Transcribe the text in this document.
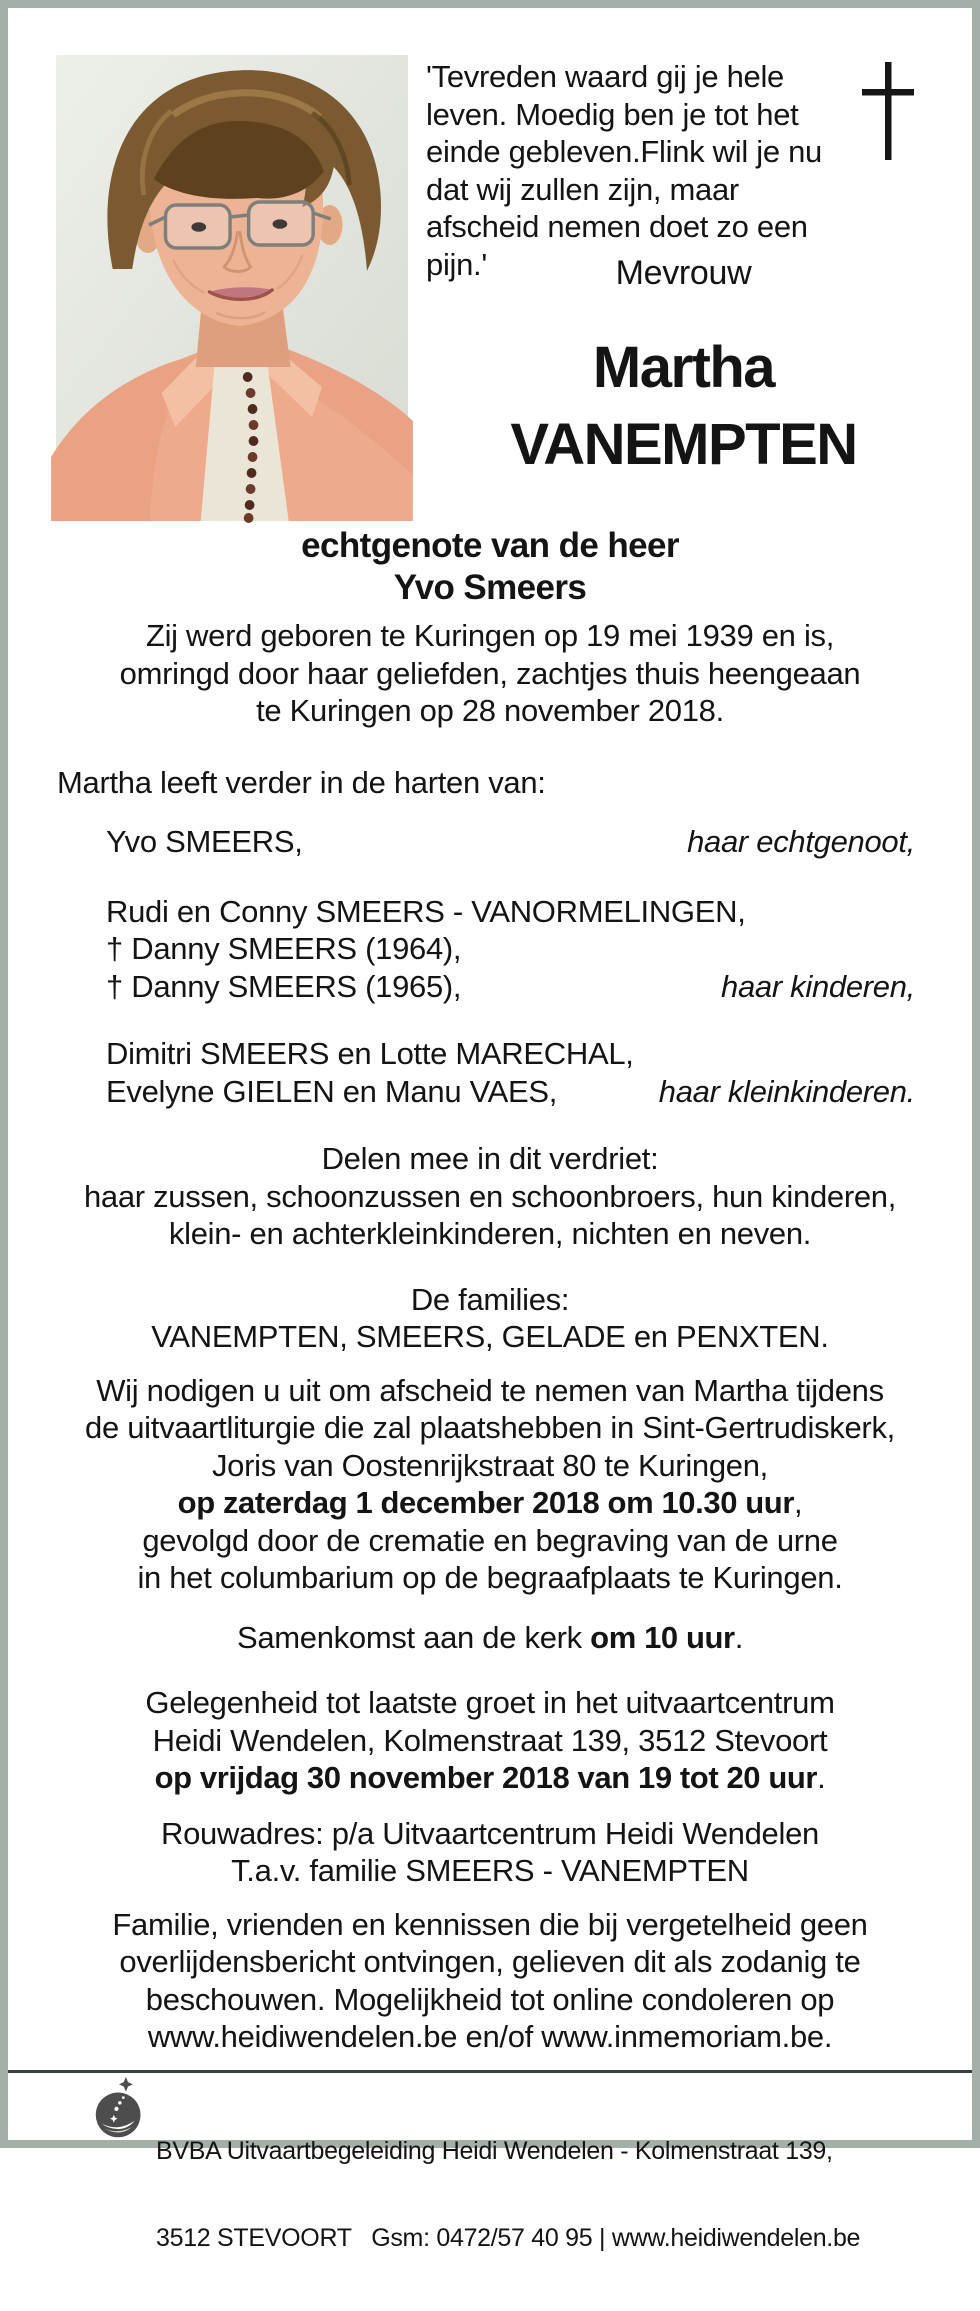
'Tevreden waard gij je hele
leven. Moedig ben je tot het
einde gebleven.Flink wil je nu
dat wij zullen zijn, maar
afscheid nemen doet zo een pijn.'	Mevrouw
Martha
VANEMPTEN
echtgenote van de heer
Yvo Smeers
Zij werd geboren te Kuringen op 19 mei 1939 en is,
omringd door haar geliefden, zachtjes thuis heengeaan
te Kuringen op 28 november 2018.
Martha leeft verder in de harten van:
Yvo SMEERS,	haar echtgenoot,
Rudi en Conny SMEERS - VANORMELINGEN,
† Danny SMEERS (1964),
† Danny SMEERS (1965),	haar kinderen,
Dimitri SMEERS en Lotte MARECHAL,
Evelyne GIELEN en Manu VAES,	haar kleinkinderen.
Delen mee in dit verdriet:
haar zussen, schoonzussen en schoonbroers, hun kinderen,
klein- en achterkleinkinderen, nichten en neven.
De families:
VANEMPTEN, SMEERS, GELADE en PENXTEN.
Wij nodigen u uit om afscheid te nemen van Martha tijdens
de uitvaartliturgie die zal plaatshebben in Sint-Gertrudiskerk,
Joris van Oostenrijkstraat 80 te Kuringen,
op zaterdag 1 december 2018 om 10.30 uur,
gevolgd door de crematie en begraving van de urne
in het columbarium op de begraafplaats te Kuringen.
Samenkomst aan de kerk om 10 uur.
Gelegenheid tot laatste groet in het uitvaartcentrum
Heidi Wendelen, Kolmenstraat 139, 3512 Stevoort
op vrijdag 30 november 2018 van 19 tot 20 uur.
Rouwadres: p/a Uitvaartcentrum Heidi Wendelen
T.a.v. familie SMEERS - VANEMPTEN
Familie, vrienden en kennissen die bij vergetelheid geen
overlijdensbericht ontvingen, gelieven dit als zodanig te
beschouwen. Mogelijkheid tot online condoleren op
www.heidiwendelen.be en/of www.inmemoriam.be.

BVBA Uitvaartbegeleiding Heidi Wendelen - Kolmenstraat 139,

3512 STEVOORT   Gsm: 0472/57 40 95 | www.heidiwendelen.be
